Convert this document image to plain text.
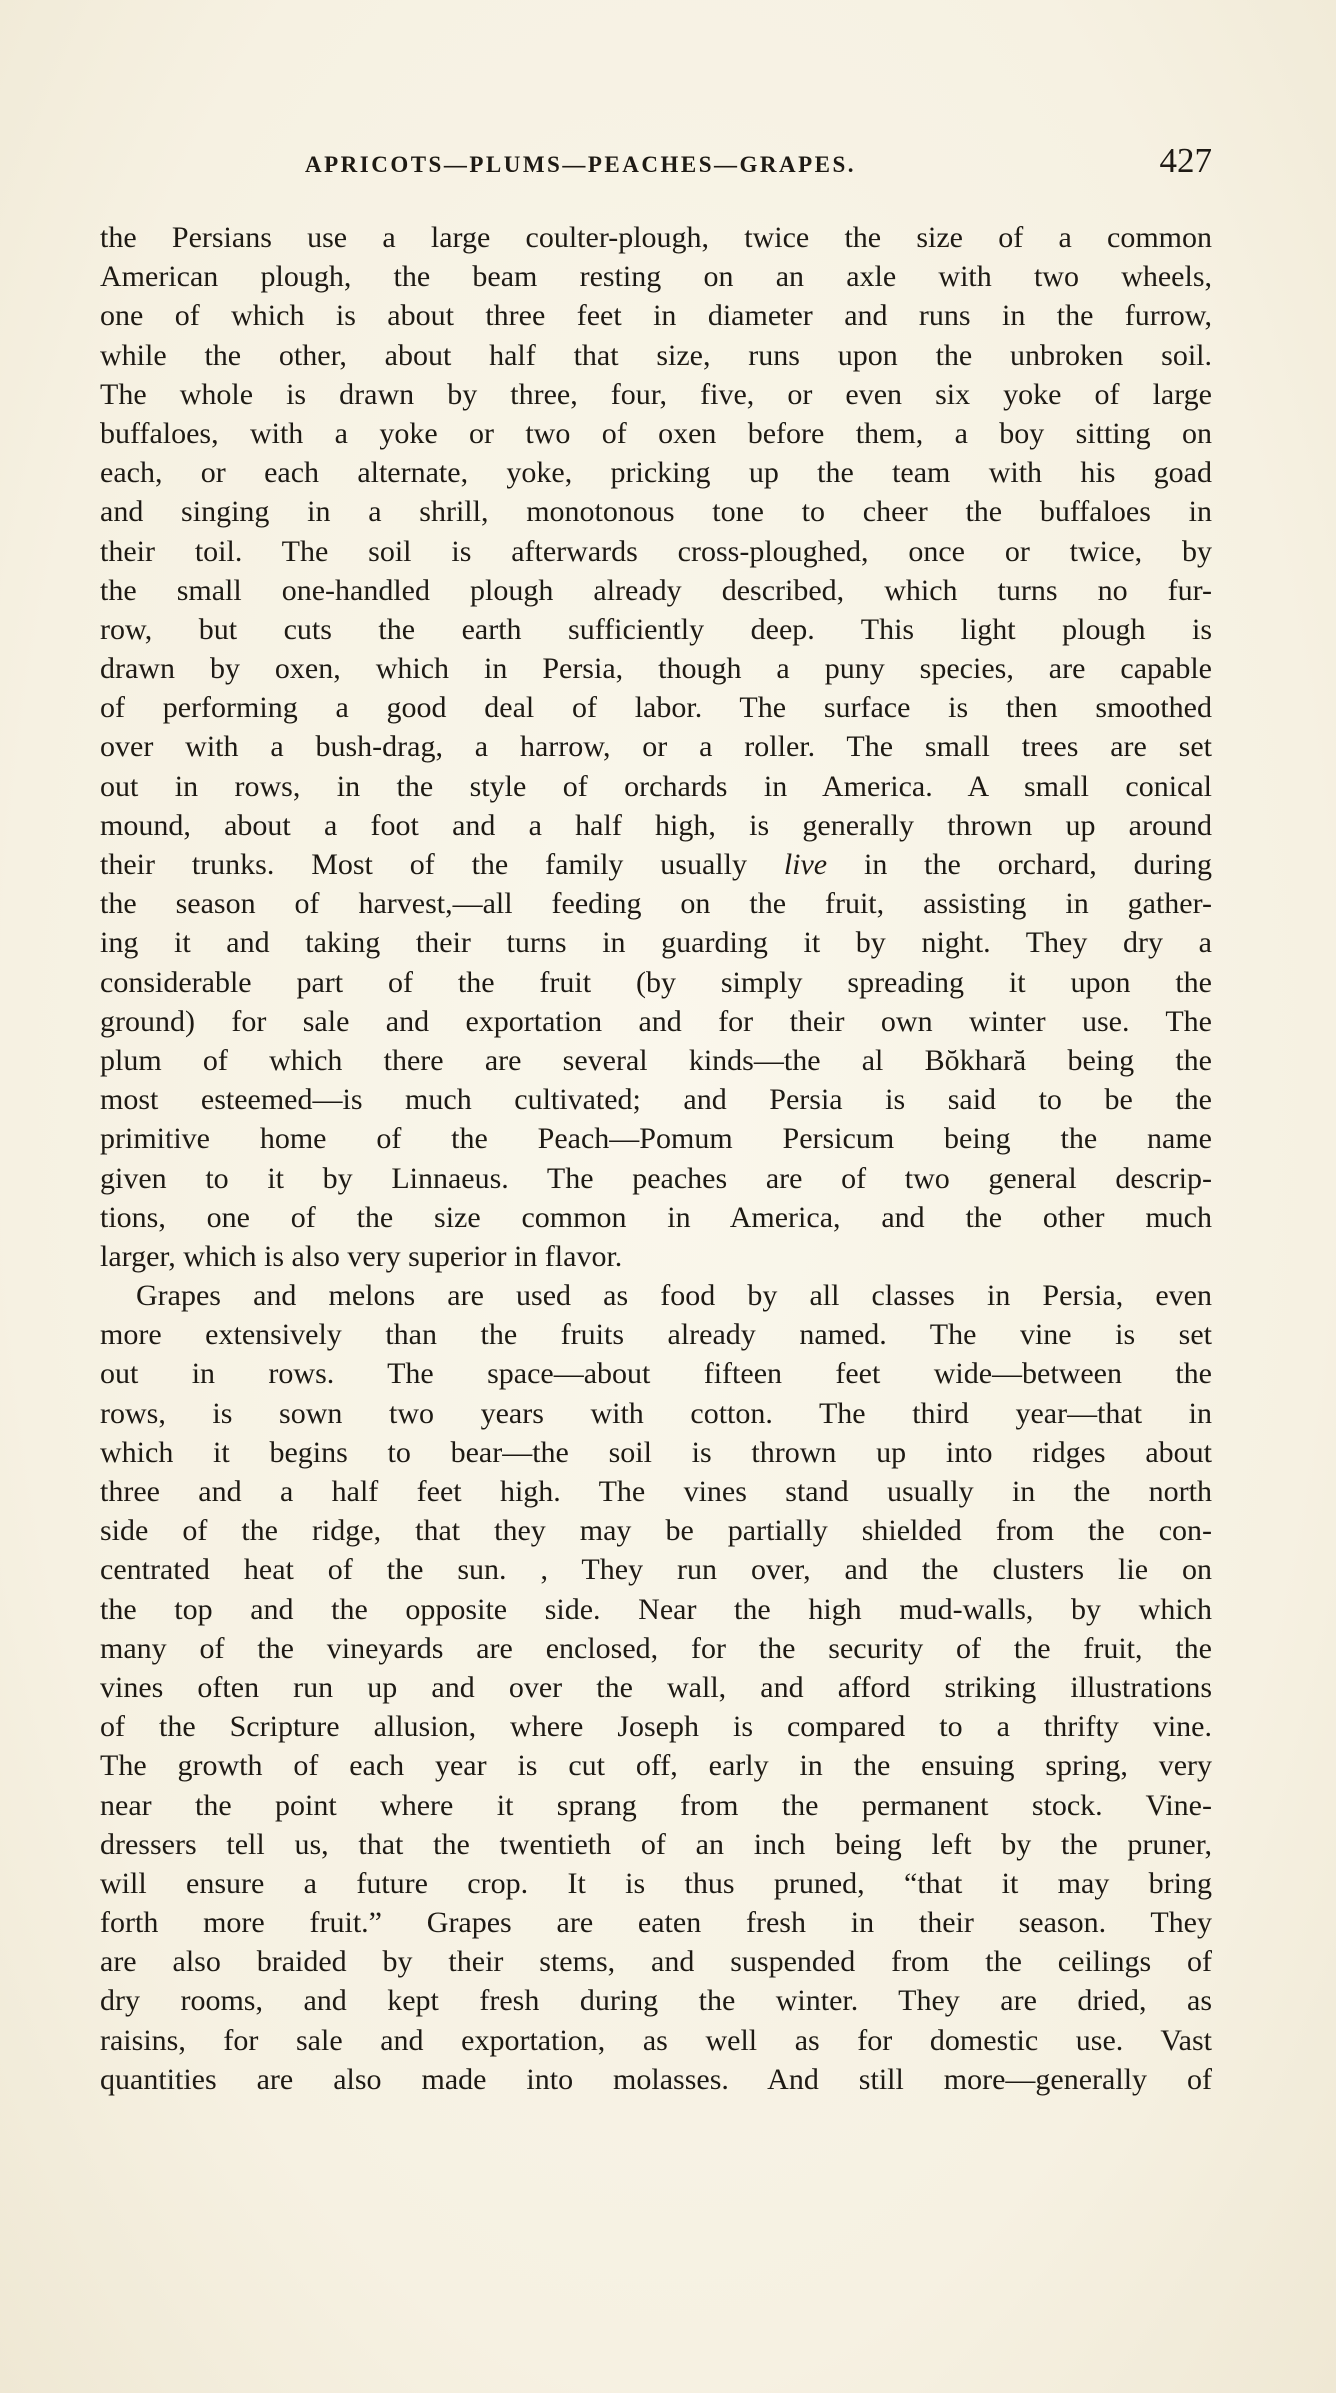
APRICOTS—PLUMS—PEACHES—GRAPES.	427
the Persians use a large coulter-plough, twice the size of a common
American plough, the beam resting on an axle with two wheels,
one of which is about three feet in diameter and runs in the furrow,
while the other, about half that size, runs upon the unbroken soil.
The whole is drawn by three, four, five, or even six yoke of large
buffaloes, with a yoke or two of oxen before them, a boy sitting on
each, or each alternate, yoke, pricking up the team with his goad
and singing in a shrill, monotonous tone to cheer the buffaloes in
their toil. The soil is afterwards cross-ploughed, once or twice, by
the small one-handled plough already described, which turns no fur-
row, but cuts the earth sufficiently deep. This light plough is
drawn by oxen, which in Persia, though a puny species, are capable
of performing a good deal of labor. The surface is then smoothed
over with a bush-drag, a harrow, or a roller. The small trees are set
out in rows, in the style of orchards in America. A small conical
mound, about a foot and a half high, is generally thrown up around
their trunks. Most of the family usually live in the orchard, during
the season of harvest,—all feeding on the fruit, assisting in gather-
ing it and taking their turns in guarding it by night. They dry a
considerable part of the fruit (by simply spreading it upon the
ground) for sale and exportation and for their own winter use. The
plum of which there are several kinds—the al Bŏkhară being the
most esteemed—is much cultivated; and Persia is said to be the
primitive home of the Peach—Pomum Persicum being the name
given to it by Linnaeus. The peaches are of two general descrip-
tions, one of the size common in America, and the other much
larger, which is also very superior in flavor.
Grapes and melons are used as food by all classes in Persia, even
more extensively than the fruits already named. The vine is set
out in rows. The space—about fifteen feet wide—between the
rows, is sown two years with cotton. The third year—that in
which it begins to bear—the soil is thrown up into ridges about
three and a half feet high. The vines stand usually in the north
side of the ridge, that they may be partially shielded from the con-
centrated heat of the sun. , They run over, and the clusters lie on
the top and the opposite side. Near the high mud-walls, by which
many of the vineyards are enclosed, for the security of the fruit, the
vines often run up and over the wall, and afford striking illustrations
of the Scripture allusion, where Joseph is compared to a thrifty vine.
The growth of each year is cut off, early in the ensuing spring, very
near the point where it sprang from the permanent stock. Vine-
dressers tell us, that the twentieth of an inch being left by the pruner,
will ensure a future crop. It is thus pruned, “that it may bring
forth more fruit.” Grapes are eaten fresh in their season. They
are also braided by their stems, and suspended from the ceilings of
dry rooms, and kept fresh during the winter. They are dried, as
raisins, for sale and exportation, as well as for domestic use. Vast
quantities are also made into molasses. And still more—generally of
